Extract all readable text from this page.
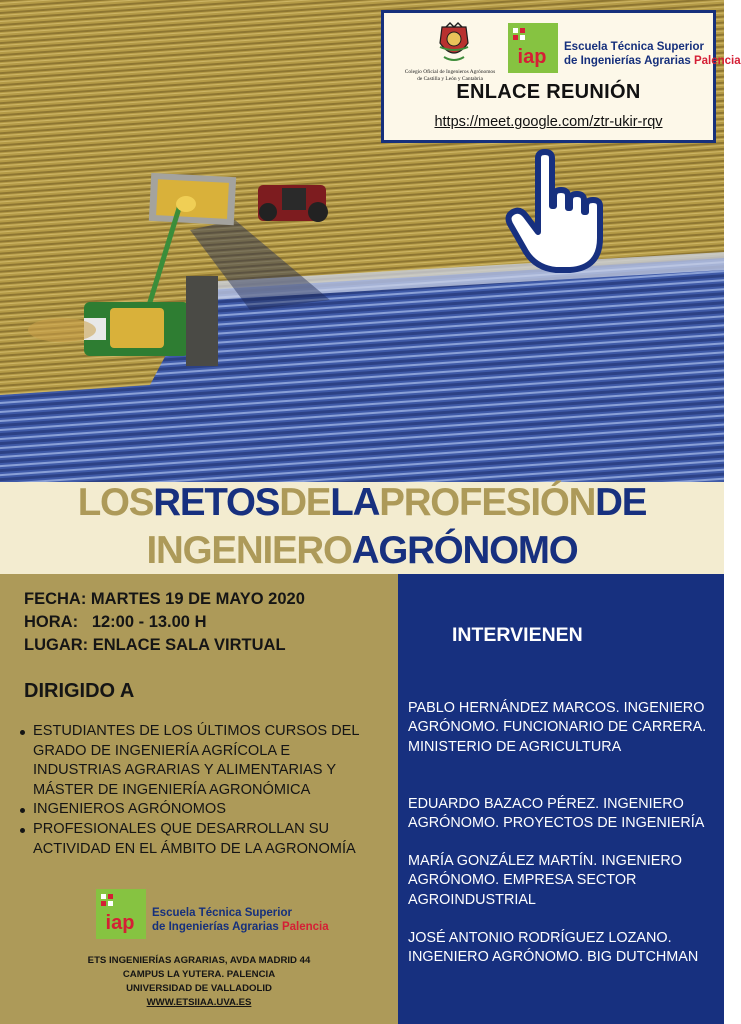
Colegio Oficial de Ingenieros Agrónomos
de Castilla y León y Cantabria
iap Escuela Técnica Superior
de Ingenierías Agrarias Palencia
ENLACE REUNIÓN
https://meet.google.com/ztr-ukir-rqv
LOSRETOSDELAPROFESIÓNDE
INGENIEROAGRÓNOMO
FECHA: MARTES 19 DE MAYO 2020
HORA:   12:00 - 13.00 H
LUGAR: ENLACE SALA VIRTUAL
DIRIGIDO A
ESTUDIANTES DE LOS ÚLTIMOS CURSOS DEL GRADO DE INGENIERÍA AGRÍCOLA E INDUSTRIAS AGRARIAS Y ALIMENTARIAS Y MÁSTER DE INGENIERÍA AGRONÓMICA
INGENIEROS AGRÓNOMOS
PROFESIONALES QUE DESARROLLAN SU ACTIVIDAD EN EL ÁMBITO DE LA AGRONOMÍA
iap Escuela Técnica Superior
de Ingenierías Agrarias Palencia
ETS INGENIERÍAS AGRARIAS, AVDA MADRID 44
CAMPUS LA YUTERA. PALENCIA
UNIVERSIDAD DE VALLADOLID
WWW.ETSIIAA.UVA.ES
INTERVIENEN
PABLO HERNÁNDEZ MARCOS. INGENIERO AGRÓNOMO. FUNCIONARIO DE CARRERA. MINISTERIO DE AGRICULTURA
EDUARDO BAZACO PÉREZ. INGENIERO AGRÓNOMO. PROYECTOS DE INGENIERÍA
MARÍA GONZÁLEZ MARTÍN. INGENIERO AGRÓNOMO. EMPRESA SECTOR AGROINDUSTRIAL
JOSÉ ANTONIO RODRÍGUEZ LOZANO. INGENIERO AGRÓNOMO. BIG DUTCHMAN
